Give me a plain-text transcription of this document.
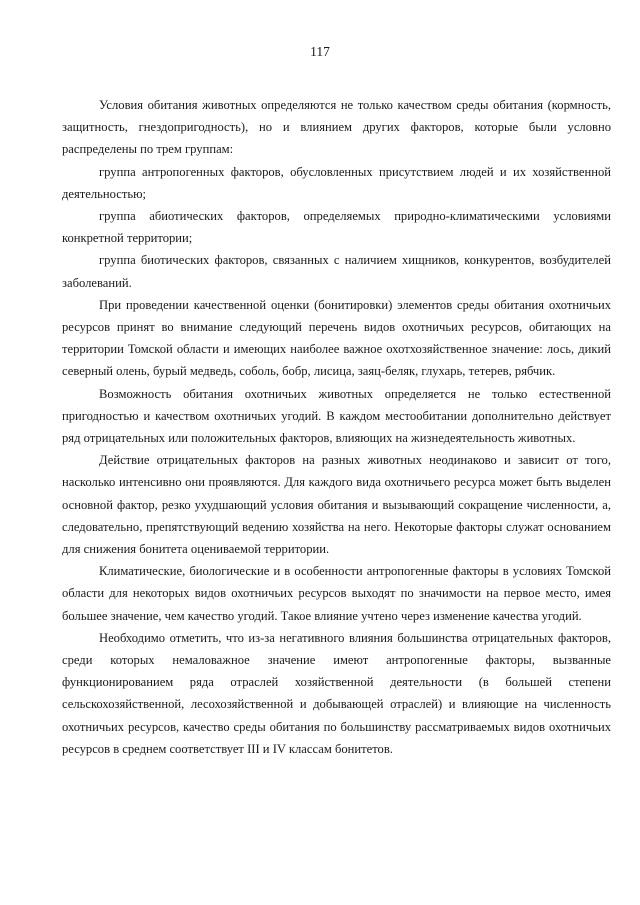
117

Условия обитания животных определяются не только качеством среды обитания (кормность, защитность, гнездопригодность), но и влиянием других факторов, которые были условно распределены по трем группам:

группа антропогенных факторов, обусловленных присутствием людей и их хозяйственной деятельностью;

группа абиотических факторов, определяемых природно-климатическими условиями конкретной территории;

группа биотических факторов, связанных с наличием хищников, конкурентов, возбудителей заболеваний.

При проведении качественной оценки (бонитировки) элементов среды обитания охотничьих ресурсов принят во внимание следующий перечень видов охотничьих ресурсов, обитающих на территории Томской области и имеющих наиболее важное охотхозяйственное значение: лось, дикий северный олень, бурый медведь, соболь, бобр, лисица, заяц-беляк, глухарь, тетерев, рябчик.

Возможность обитания охотничьих животных определяется не только естественной пригодностью и качеством охотничьих угодий. В каждом местообитании дополнительно действует ряд отрицательных или положительных факторов, влияющих на жизнедеятельность животных.

Действие отрицательных факторов на разных животных неодинаково и зависит от того, насколько интенсивно они проявляются. Для каждого вида охотничьего ресурса может быть выделен основной фактор, резко ухудшающий условия обитания и вызывающий сокращение численности, а, следовательно, препятствующий ведению хозяйства на него. Некоторые факторы служат основанием для снижения бонитета оцениваемой территории.

Климатические, биологические и в особенности антропогенные факторы в условиях Томской области для некоторых видов охотничьих ресурсов выходят по значимости на первое место, имея большее значение, чем качество угодий. Такое влияние учтено через изменение качества угодий.

Необходимо отметить, что из-за негативного влияния большинства отрицательных факторов, среди которых немаловажное значение имеют антропогенные факторы, вызванные функционированием ряда отраслей хозяйственной деятельности (в большей степени сельскохозяйственной, лесохозяйственной и добывающей отраслей) и влияющие на численность охотничьих ресурсов, качество среды обитания по большинству рассматриваемых видов охотничьих ресурсов в среднем соответствует III и IV классам бонитетов.
